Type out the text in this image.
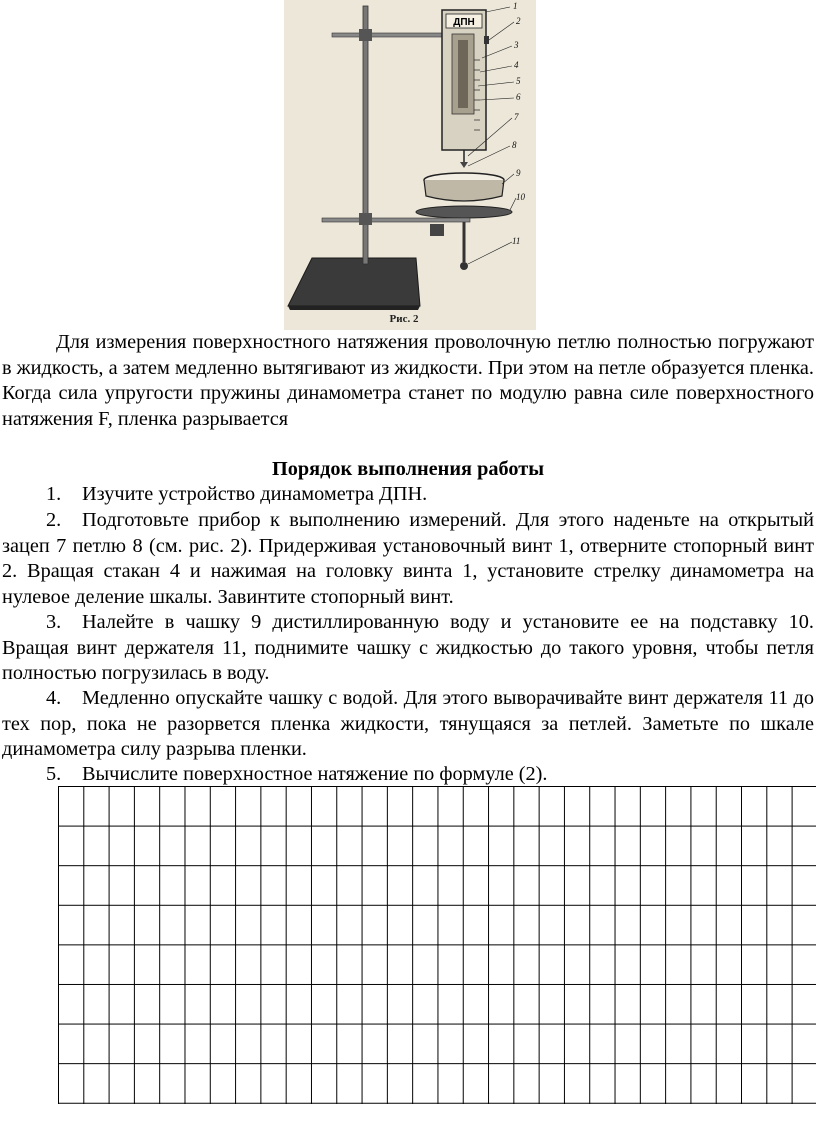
ДПН
1
2
3
4
5
6
7
8
9
10
11
Рис. 2

Для измерения поверхностного натяжения проволочную петлю полностью погружают в жидкость, а затем медленно вытягивают из жидкости. При этом на петле образуется пленка. Когда сила упругости пружины динамометра станет по модулю равна силе поверхностного натяжения F, пленка разрывается

Порядок выполнения работы

1. Изучите устройство динамометра ДПН.

2. Подготовьте прибор к выполнению измерений. Для этого наденьте на открытый зацеп 7 петлю 8 (см. рис. 2). Придерживая установочный винт 1, отверните стопорный винт 2. Вращая стакан 4 и нажимая на головку винта 1, установите стрелку динамометра на нулевое деление шкалы. Завинтите стопорный винт.

3. Налейте в чашку 9 дистиллированную воду и установите ее на подставку 10. Вращая винт держателя 11, поднимите чашку с жидкостью до такого уровня, чтобы петля полностью погрузилась в воду.

4. Медленно опускайте чашку с водой. Для этого выворачивайте винт держателя 11 до тех пор, пока не разорвется пленка жидкости, тянущаяся за петлей. Заметьте по шкале динамометра силу разрыва пленки.

5. Вычислите поверхностное натяжение по формуле (2).
